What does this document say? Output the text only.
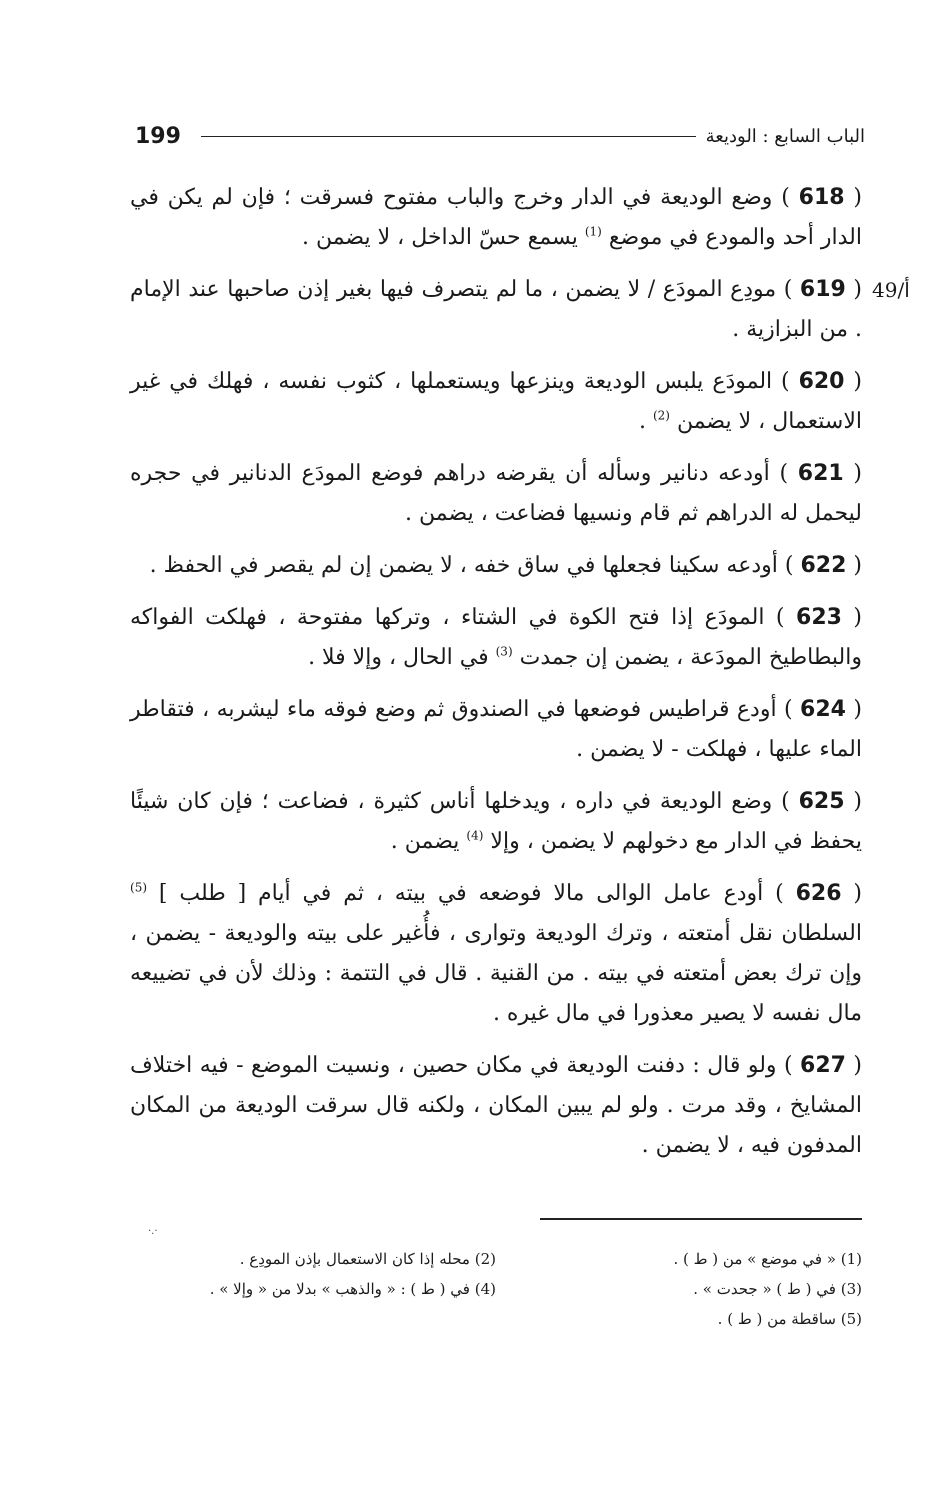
199	الباب السابع : الوديعة
49/أ

( 618 ) وضع الوديعة في الدار وخرج والباب مفتوح فسرقت ؛ فإن لم يكن في الدار أحد والمودع في موضع $^{(1)}$ يسمع حسّ الداخل ، لا يضمن .

( 619 ) مودِع المودَع / لا يضمن ، ما لم يتصرف فيها بغير إذن صاحبها عند الإمام . من البزازية .

( 620 ) المودَع يلبس الوديعة وينزعها ويستعملها ، كثوب نفسه ، فهلك في غير الاستعمال ، لا يضمن $^{(2)}$ .

( 621 ) أودعه دنانير وسأله أن يقرضه دراهم فوضع المودَع الدنانير في حجره ليحمل له الدراهم ثم قام ونسيها فضاعت ، يضمن .

( 622 ) أودعه سكينا فجعلها في ساق خفه ، لا يضمن إن لم يقصر في الحفظ .

( 623 ) المودَع إذا فتح الكوة في الشتاء ، وتركها مفتوحة ، فهلكت الفواكه والبطاطيخ المودَعة ، يضمن إن جمدت $^{(3)}$ في الحال ، وإلا فلا .

( 624 ) أودع قراطيس فوضعها في الصندوق ثم وضع فوقه ماء ليشربه ، فتقاطر الماء عليها ، فهلكت - لا يضمن .

( 625 ) وضع الوديعة في داره ، ويدخلها أناس كثيرة ، فضاعت ؛ فإن كان شيئًا يحفظ في الدار مع دخولهم لا يضمن ، وإلا $^{(4)}$ يضمن .

( 626 ) أودع عامل الوالى مالا فوضعه في بيته ، ثم في أيام [ طلب ] $^{(5)}$ السلطان نقل أمتعته ، وترك الوديعة وتوارى ، فأُغير على بيته والوديعة - يضمن ، وإن ترك بعض أمتعته في بيته . من القنية . قال في التتمة : وذلك لأن في تضييعه مال نفسه لا يصير معذورا في مال غيره .

( 627 ) ولو قال : دفنت الوديعة في مكان حصين ، ونسيت الموضع - فيه اختلاف المشايخ ، وقد مرت . ولو لم يبين المكان ، ولكنه قال سرقت الوديعة من المكان المدفون فيه ، لا يضمن .

·.·
(1) « في موضع » من ( ط ) .
(2) محله إذا كان الاستعمال بإذن المودِع .
(3) في ( ط ) « جحدت » .
(4) في ( ط ) : « والذهب » بدلا من « وإلا » .
(5) ساقطة من ( ط ) .
